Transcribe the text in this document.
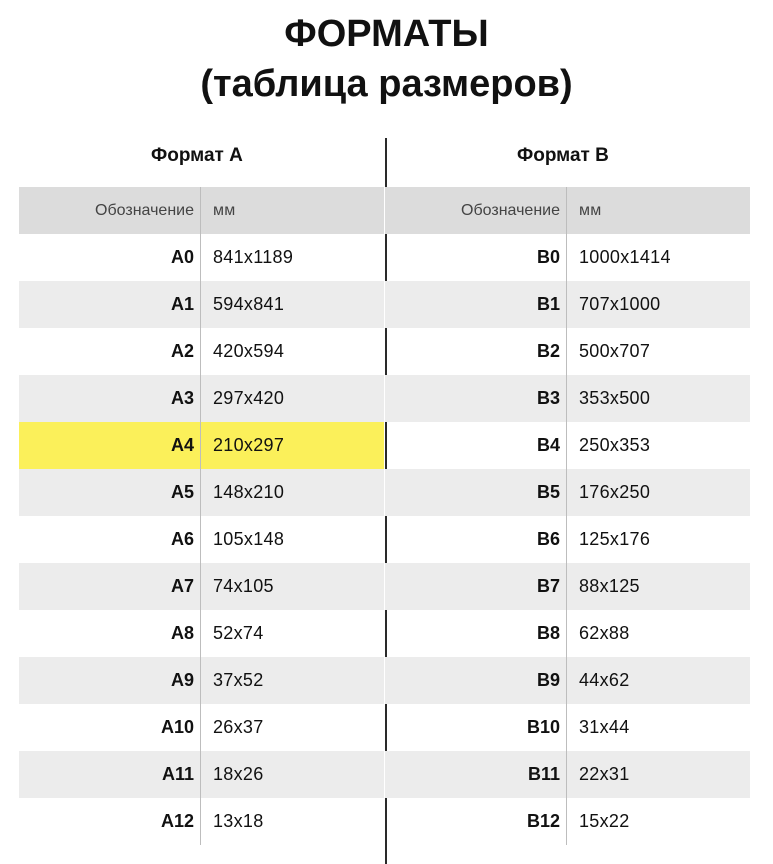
ФОРМАТЫ
(таблица размеров)
Формат A
Обозначение	мм
A0	841x1189
A1	594x841
A2	420x594
A3	297x420
A4	210x297
A5	148x210
A6	105x148
A7	74x105
A8	52x74
A9	37x52
A10	26x37
A11	18x26
A12	13x18
Формат B
Обозначение	мм
B0	1000x1414
B1	707x1000
B2	500x707
B3	353x500
B4	250x353
B5	176x250
B6	125x176
B7	88x125
B8	62x88
B9	44x62
B10	31x44
B11	22x31
B12	15x22
